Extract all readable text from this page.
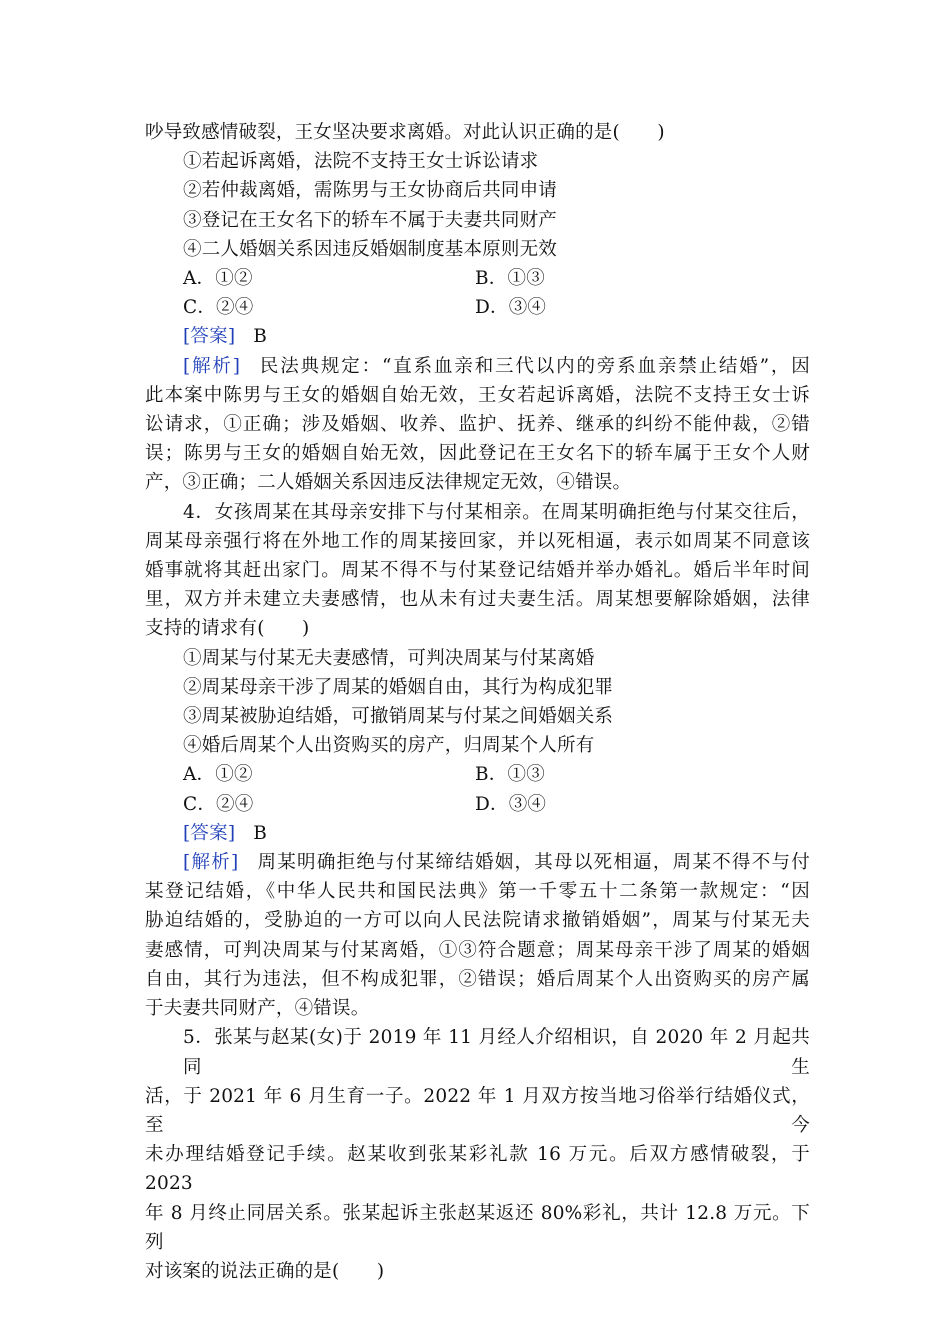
吵导致感情破裂，王女坚决要求离婚。对此认识正确的是(　　)
①若起诉离婚，法院不支持王女士诉讼请求
②若仲裁离婚，需陈男与王女协商后共同申请
③登记在王女名下的轿车不属于夫妻共同财产
④二人婚姻关系因违反婚姻制度基本原则无效
A．①②	B．①③
C．②④	D．③④
[答案] B
[解析] 民法典规定：“直系血亲和三代以内的旁系血亲禁止结婚”，因
此本案中陈男与王女的婚姻自始无效，王女若起诉离婚，法院不支持王女士诉
讼请求，①正确；涉及婚姻、收养、监护、抚养、继承的纠纷不能仲裁，②错
误；陈男与王女的婚姻自始无效，因此登记在王女名下的轿车属于王女个人财
产，③正确；二人婚姻关系因违反法律规定无效，④错误。
4．女孩周某在其母亲安排下与付某相亲。在周某明确拒绝与付某交往后，
周某母亲强行将在外地工作的周某接回家，并以死相逼，表示如周某不同意该
婚事就将其赶出家门。周某不得不与付某登记结婚并举办婚礼。婚后半年时间
里，双方并未建立夫妻感情，也从未有过夫妻生活。周某想要解除婚姻，法律
支持的请求有(　　)
①周某与付某无夫妻感情，可判决周某与付某离婚
②周某母亲干涉了周某的婚姻自由，其行为构成犯罪
③周某被胁迫结婚，可撤销周某与付某之间婚姻关系
④婚后周某个人出资购买的房产，归周某个人所有
A．①②	B．①③
C．②④	D．③④
[答案] B
[解析] 周某明确拒绝与付某缔结婚姻，其母以死相逼，周某不得不与付
某登记结婚，《中华人民共和国民法典》第一千零五十二条第一款规定：“因
胁迫结婚的，受胁迫的一方可以向人民法院请求撤销婚姻”，周某与付某无夫
妻感情，可判决周某与付某离婚，①③符合题意；周某母亲干涉了周某的婚姻
自由，其行为违法，但不构成犯罪，②错误；婚后周某个人出资购买的房产属
于夫妻共同财产，④错误。
5．张某与赵某(女)于 2019 年 11 月经人介绍相识，自 2020 年 2 月起共同生
活，于 2021 年 6 月生育一子。2022 年 1 月双方按当地习俗举行结婚仪式，至今
未办理结婚登记手续。赵某收到张某彩礼款 16 万元。后双方感情破裂，于 2023
年 8 月终止同居关系。张某起诉主张赵某返还 80%彩礼，共计 12.8 万元。下列
对该案的说法正确的是(　　)
